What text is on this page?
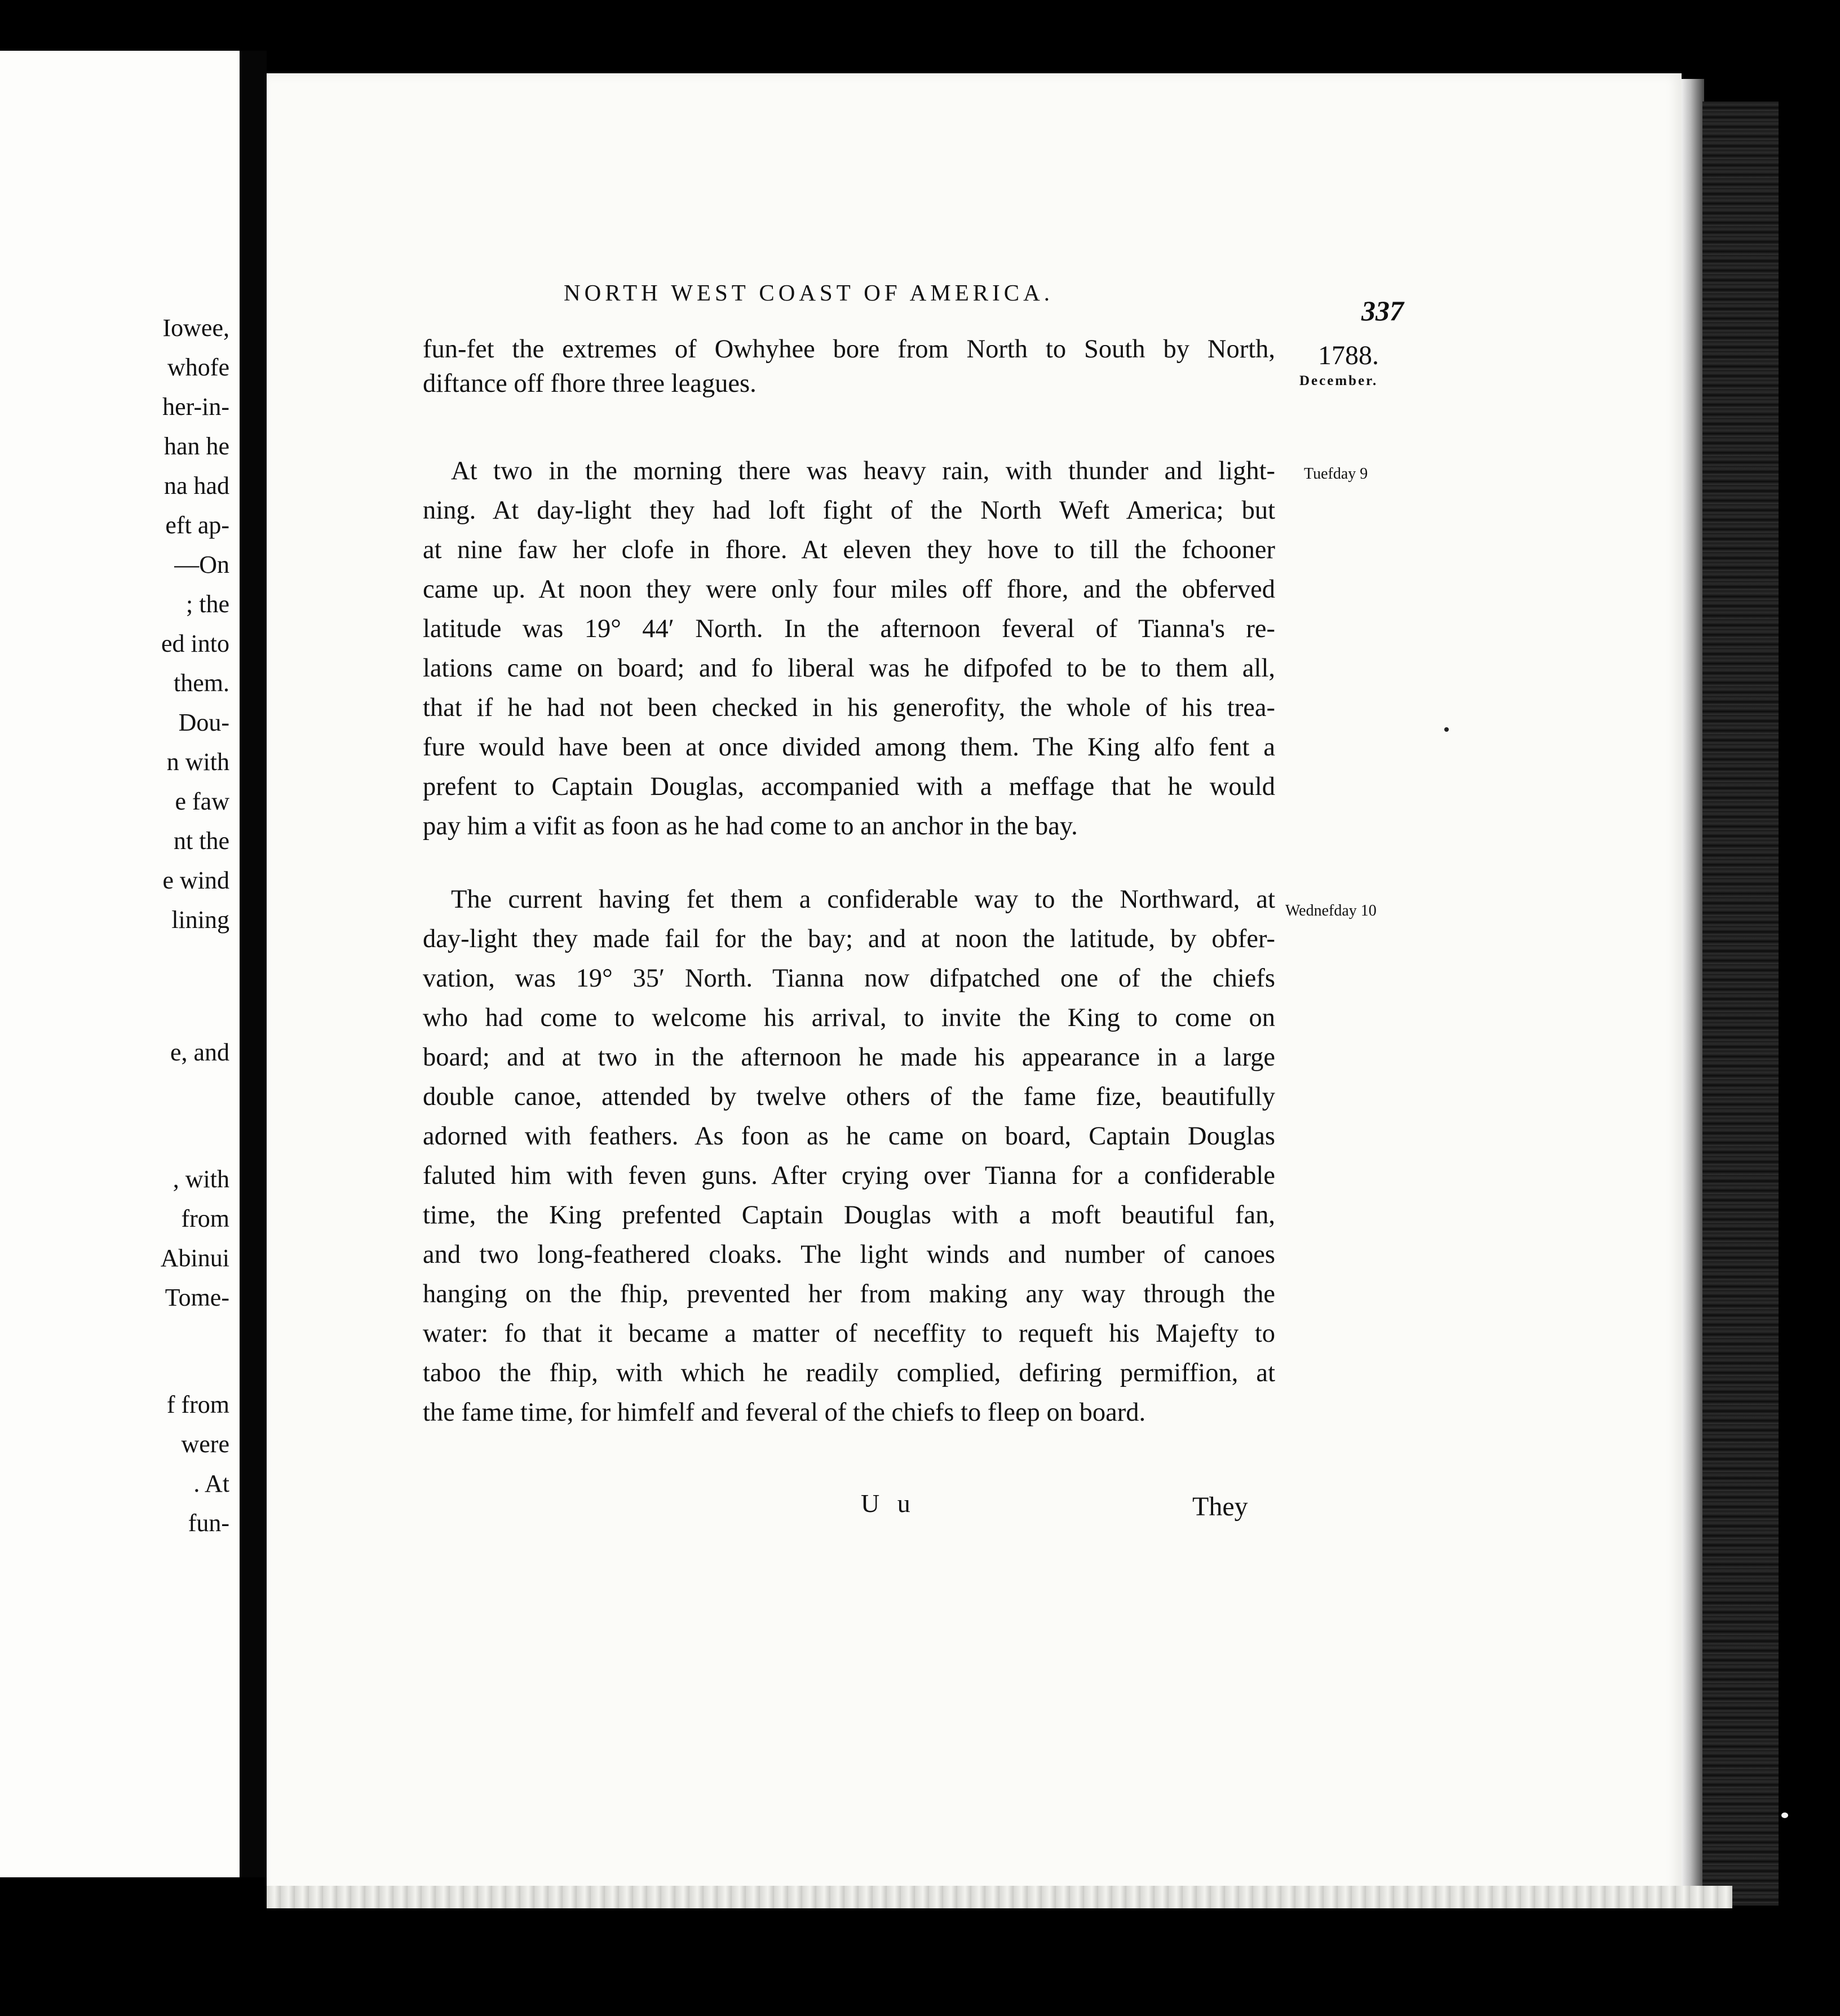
Iowee,
whofe
her-in-
han he
na had
eft ap-
—On
; the
ed into
them.
Dou-
n with
e faw
nt the
e wind
lining
e, and
, with
from
Abinui
Tome-
f from
were
. At
fun-
NORTH WEST COAST OF AMERICA.
337
1788.
December.
Tuefday 9
Wednefday 10
fun-fet the extremes of Owhyhee bore from North to South by North,
diftance off fhore three leagues.
At two in the morning there was heavy rain, with thunder and light-
ning. At day-light they had loft fight of the North Weft America; but
at nine faw her clofe in fhore. At eleven they hove to till the fchooner
came up. At noon they were only four miles off fhore, and the obferved
latitude was 19° 44′ North. In the afternoon feveral of Tianna's re-
lations came on board; and fo liberal was he difpofed to be to them all,
that if he had not been checked in his generofity, the whole of his trea-
fure would have been at once divided among them. The King alfo fent a
prefent to Captain Douglas, accompanied with a meffage that he would
pay him a vifit as foon as he had come to an anchor in the bay.
The current having fet them a confiderable way to the Northward, at
day-light they made fail for the bay; and at noon the latitude, by obfer-
vation, was 19° 35′ North. Tianna now difpatched one of the chiefs
who had come to welcome his arrival, to invite the King to come on
board; and at two in the afternoon he made his appearance in a large
double canoe, attended by twelve others of the fame fize, beautifully
adorned with feathers. As foon as he came on board, Captain Douglas
faluted him with feven guns. After crying over Tianna for a confiderable
time, the King prefented Captain Douglas with a moft beautiful fan,
and two long-feathered cloaks. The light winds and number of canoes
hanging on the fhip, prevented her from making any way through the
water: fo that it became a matter of neceffity to requeft his Majefty to
taboo the fhip, with which he readily complied, defiring permiffion, at
the fame time, for himfelf and feveral of the chiefs to fleep on board.
U u	They
